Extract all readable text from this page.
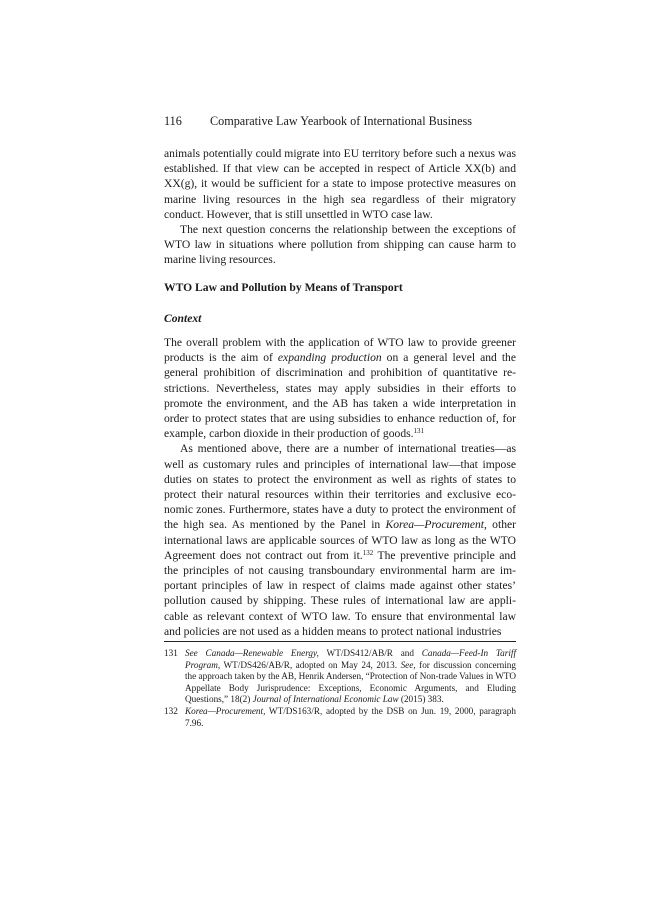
116 Comparative Law Yearbook of International Business

animals potentially could migrate into EU territory before such a nexus was established. If that view can be accepted in respect of Article XX(b) and XX(g), it would be sufficient for a state to impose protective measures on marine living resources in the high sea regardless of their migratory conduct. However, that is still unsettled in WTO case law.

The next question concerns the relationship between the exceptions of WTO law in situations where pollution from shipping can cause harm to marine living resources.

WTO Law and Pollution by Means of Transport
Context

The overall problem with the application of WTO law to provide greener products is the aim of expanding production on a general level and the general prohibition of discrimination and prohibition of quantitative restrictions. Nevertheless, states may apply subsidies in their efforts to promote the environment, and the AB has taken a wide interpretation in order to protect states that are using subsidies to enhance reduction of, for example, carbon dioxide in their production of goods.$^{131}$

As mentioned above, there are a number of international treaties—as well as customary rules and principles of international law—that impose duties on states to protect the environment as well as rights of states to protect their natural resources within their territories and exclusive economic zones. Furthermore, states have a duty to protect the environment of the high sea. As mentioned by the Panel in Korea—Procurement, other international laws are applicable sources of WTO law as long as the WTO Agreement does not contract out from it.$^{132}$ The preventive principle and the principles of not causing transboundary environmental harm are important principles of law in respect of claims made against other states’ pollution caused by shipping. These rules of international law are applicable as relevant context of WTO law. To ensure that environmental law and policies are not used as a hidden means to protect national industries

131 See Canada—Renewable Energy, WT/DS412/AB/R and Canada—Feed-In Tariff Program, WT/DS426/AB/R, adopted on May 24, 2013. See, for discussion concerning the approach taken by the AB, Henrik Andersen, “Protection of Non-trade Values in WTO Appellate Body Jurisprudence: Exceptions, Economic Arguments, and Eluding Questions,” 18(2) Journal of International Economic Law (2015) 383.
132 Korea—Procurement, WT/DS163/R, adopted by the DSB on Jun. 19, 2000, paragraph 7.96.
